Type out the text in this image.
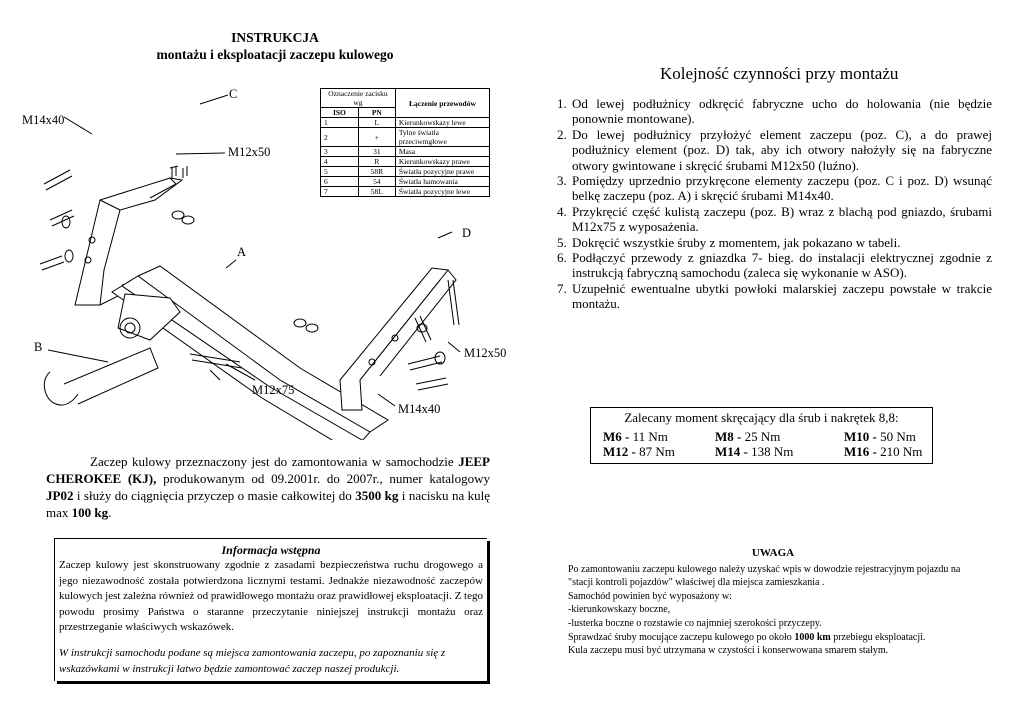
INSTRUKCJA
montażu i eksploatacji zaczepu kulowego
C
M14x40
M12x50
A
D
B	M12x50
M12x75
M14x40
Oznaczenie zacisku wg		Łączenie przewodów
ISO	PN	
1	L	Kierunkowskazy lewe
2	+	Tylne światła przeciwmgłowe
3	31	Masa
4	R	Kierunkowskazy prawe
5	58R	Światła pozycyjne prawe
6	54	Światła hamowania
7	58L	Światła pozycyjne lewe
Kolejność czynności przy montażu
1. Od lewej podłużnicy odkręcić fabryczne ucho do holowania (nie będzie ponownie montowane).
2. Do lewej podłużnicy przyłożyć element zaczepu (poz. C), a do prawej podłużnicy element (poz. D) tak, aby ich otwory nałożyły się na fabryczne otwory gwintowane i skręcić śrubami M12x50 (luźno).
3. Pomiędzy uprzednio przykręcone elementy zaczepu (poz. C i poz. D) wsunąć belkę zaczepu (poz. A) i skręcić śrubami M14x40.
4. Przykręcić część kulistą zaczepu (poz. B) wraz z blachą pod gniazdo, śrubami M12x75 z wyposażenia.
5. Dokręcić wszystkie śruby z momentem, jak pokazano w tabeli.
6. Podłączyć przewody z gniazdka 7- bieg. do instalacji elektrycznej zgodnie z instrukcją fabryczną samochodu (zaleca się wykonanie w ASO).
7. Uzupełnić ewentualne ubytki powłoki malarskiej zaczepu powstałe w trakcie montażu.
Zalecany moment skręcający dla śrub i nakrętek 8,8:
M6 - 11 Nm	M8 - 25 Nm	M10 - 50 Nm
M12 - 87 Nm	M14 - 138 Nm	M16 - 210 Nm
Zaczep kulowy przeznaczony jest do zamontowania w samochodzie JEEP CHEROKEE (KJ), produkowanym od 09.2001r. do 2007r., numer katalogowy JP02 i służy do ciągnięcia przyczep o masie całkowitej do 3500 kg i nacisku na kulę max 100 kg.
Informacja wstępna

Zaczep kulowy jest skonstruowany zgodnie z zasadami bezpieczeństwa ruchu drogowego a jego niezawodność została potwierdzona licznymi testami. Jednakże niezawodność zaczepów kulowych jest zależna również od prawidłowego montażu oraz prawidłowej eksploatacji. Z tego powodu prosimy Państwa o staranne przeczytanie niniejszej instrukcji montażu oraz przestrzeganie właściwych wskazówek.

W instrukcji samochodu podane są miejsca zamontowania zaczepu, po zapoznaniu się z wskazówkami w instrukcji łatwo będzie zamontować zaczep naszej produkcji.

UWAGA
Po zamontowaniu zaczepu kulowego należy uzyskać wpis w dowodzie rejestracyjnym pojazdu na "stacji kontroli pojazdów" właściwej dla miejsca zamieszkania .
Samochód powinien być wyposażony w:
-kierunkowskazy boczne,
-lusterka boczne o rozstawie co najmniej szerokości przyczepy.
Sprawdzać śruby mocujące zaczepu kulowego po około 1000 km przebiegu eksploatacji.
Kula zaczepu musi być utrzymana w czystości i konserwowana smarem stałym.
